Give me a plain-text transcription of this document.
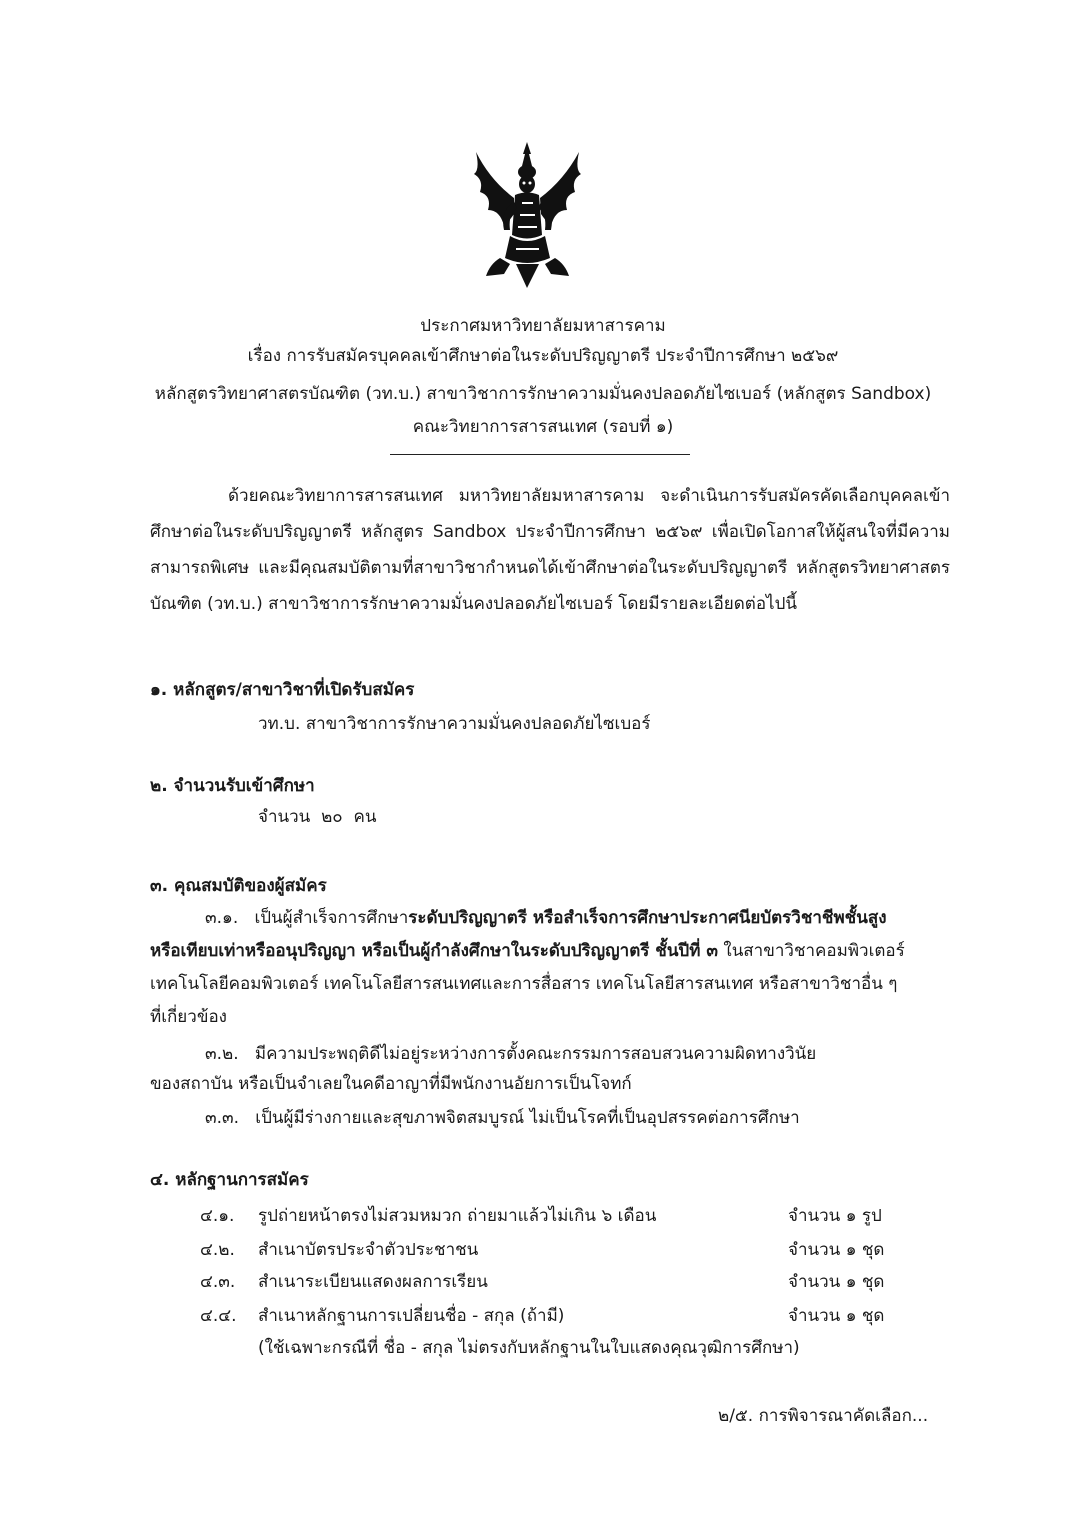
ประกาศมหาวิทยาลัยมหาสารคาม
เรื่อง การรับสมัครบุคคลเข้าศึกษาต่อในระดับปริญญาตรี ประจำปีการศึกษา ๒๕๖๙
หลักสูตรวิทยาศาสตรบัณฑิต (วท.บ.) สาขาวิชาการรักษาความมั่นคงปลอดภัยไซเบอร์ (หลักสูตร Sandbox)
คณะวิทยาการสารสนเทศ (รอบที่ ๑)
ด้วยคณะวิทยาการสารสนเทศ มหาวิทยาลัยมหาสารคาม จะดำเนินการรับสมัครคัดเลือกบุคคลเข้าศึกษาต่อในระดับปริญญาตรี หลักสูตร Sandbox ประจำปีการศึกษา ๒๕๖๙ เพื่อเปิดโอกาสให้ผู้สนใจที่มีความสามารถพิเศษ และมีคุณสมบัติตามที่สาขาวิชากำหนดได้เข้าศึกษาต่อในระดับปริญญาตรี หลักสูตรวิทยาศาสตรบัณฑิต (วท.บ.) สาขาวิชาการรักษาความมั่นคงปลอดภัยไซเบอร์ โดยมีรายละเอียดต่อไปนี้
๑. หลักสูตร/สาขาวิชาที่เปิดรับสมัคร
วท.บ. สาขาวิชาการรักษาความมั่นคงปลอดภัยไซเบอร์
๒. จำนวนรับเข้าศึกษา
จำนวน  ๒๐  คน
๓. คุณสมบัติของผู้สมัคร
๓.๑. เป็นผู้สำเร็จการศึกษาระดับปริญญาตรี หรือสำเร็จการศึกษาประกาศนียบัตรวิชาชีพชั้นสูง
หรือเทียบเท่าหรืออนุปริญญา หรือเป็นผู้กำลังศึกษาในระดับปริญญาตรี ชั้นปีที่ ๓ ในสาขาวิชาคอมพิวเตอร์
เทคโนโลยีคอมพิวเตอร์ เทคโนโลยีสารสนเทศและการสื่อสาร เทคโนโลยีสารสนเทศ หรือสาขาวิชาอื่น ๆ
ที่เกี่ยวข้อง
๓.๒. มีความประพฤติดีไม่อยู่ระหว่างการตั้งคณะกรรมการสอบสวนความผิดทางวินัย
ของสถาบัน หรือเป็นจำเลยในคดีอาญาที่มีพนักงานอัยการเป็นโจทก์
๓.๓. เป็นผู้มีร่างกายและสุขภาพจิตสมบูรณ์ ไม่เป็นโรคที่เป็นอุปสรรคต่อการศึกษา
๔. หลักฐานการสมัคร
๔.๑. รูปถ่ายหน้าตรงไม่สวมหมวก ถ่ายมาแล้วไม่เกิน ๖ เดือน	จำนวน ๑ รูป
๔.๒. สำเนาบัตรประจำตัวประชาชน	จำนวน ๑ ชุด
๔.๓. สำเนาระเบียนแสดงผลการเรียน	จำนวน ๑ ชุด
๔.๔. สำเนาหลักฐานการเปลี่ยนชื่อ - สกุล (ถ้ามี)	จำนวน ๑ ชุด
(ใช้เฉพาะกรณีที่ ชื่อ - สกุล ไม่ตรงกับหลักฐานในใบแสดงคุณวุฒิการศึกษา)
๒/๕. การพิจารณาคัดเลือก...
